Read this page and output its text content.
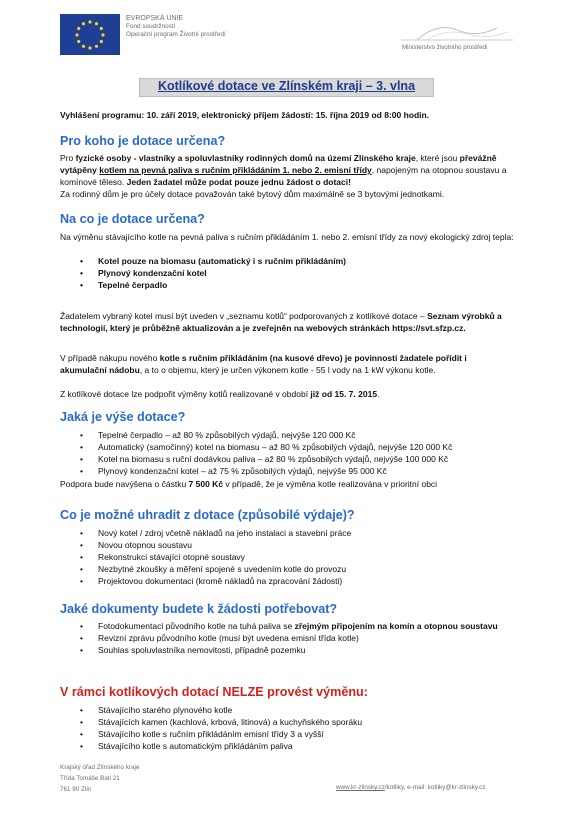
EVROPSKÁ UNIE
Fond soudržnosti
Operační program Životní prostředí
Ministerstvo životního prostředí
Kotlíkové dotace ve Zlínském kraji – 3. vlna
Vyhlášení programu: 10. září 2019, elektronický příjem žádostí: 15. října 2019 od 8:00 hodin.
Pro koho je dotace určena?
Pro fyzické osoby - vlastníky a spoluvlastníky rodinných domů na území Zlínského kraje, které jsou převážně vytápěny kotlem na pevná paliva s ručním přikládáním 1. nebo 2. emisní třídy, napojeným na otopnou soustavu a komínové těleso. Jeden žadatel může podat pouze jednu žádost o dotaci!
Za rodinný dům je pro účely dotace považován také bytový dům maximálně se 3 bytovými jednotkami.
Na co je dotace určena?
Na výměnu stávajícího kotle na pevná paliva s ručním přikládáním 1. nebo 2. emisní třídy za nový ekologický zdroj tepla:
• Kotel pouze na biomasu (automatický i s ručním přikládáním)
• Plynový kondenzační kotel
• Tepelné čerpadlo
Žadatelem vybraný kotel musí být uveden v „seznamu kotlů“ podporovaných z kotlíkové dotace – Seznam výrobků a technologií, který je průběžně aktualizován a je zveřejněn na webových stránkách https://svt.sfzp.cz.
V případě nákupu nového kotle s ručním přikládáním (na kusové dřevo) je povinností žadatele pořídit i akumulační nádobu, a to o objemu, který je určen výkonem kotle - 55 l vody na 1 kW výkonu kotle.
Z kotlíkové dotace lze podpořit výměny kotlů realizované v období již od 15. 7. 2015.
Jaká je výše dotace?
• Tepelné čerpadlo – až 80 % způsobilých výdajů, nejvýše 120 000 Kč
• Automatický (samočinný) kotel na biomasu – až 80 % způsobilých výdajů, nejvýše 120 000 Kč
• Kotel na biomasu s ruční dodávkou paliva – až 80 % způsobilých výdajů, nejvýše 100 000 Kč
• Plynový kondenzační kotel – až 75 % způsobilých výdajů, nejvýše 95 000 Kč
Podpora bude navýšena o částku 7 500 Kč v případě, že je výměna kotle realizována v prioritní obci
Co je možné uhradit z dotace (způsobilé výdaje)?
• Nový kotel / zdroj včetně nákladů na jeho instalaci a stavební práce
• Novou otopnou soustavu
• Rekonstrukci stávající otopné soustavy
• Nezbytné zkoušky a měření spojené s uvedením kotle do provozu
• Projektovou dokumentaci (kromě nákladů na zpracování žádosti)
Jaké dokumenty budete k žádosti potřebovat?
• Fotodokumentaci původního kotle na tuhá paliva se zřejmým připojením na komín a otopnou soustavu
• Revizní zprávu původního kotle (musí být uvedena emisní třída kotle)
• Souhlas spoluvlastníka nemovitosti, případně pozemku
V rámci kotlíkových dotací NELZE provést výměnu:
• Stávajícího starého plynového kotle
• Stávajících kamen (kachlová, krbová, litinová) a kuchyňského sporáku
• Stávajícího kotle s ručním přikládáním emisní třídy 3 a vyšší
• Stávajícího kotle s automatickým přikládáním paliva
Krajský úřad Zlínského kraje
Třída Tomáše Bati 21
761 90 Zlín	www.kr-zlinsky.cz/kotliky, e-mail: kotliky@kr-zlinsky.cz
